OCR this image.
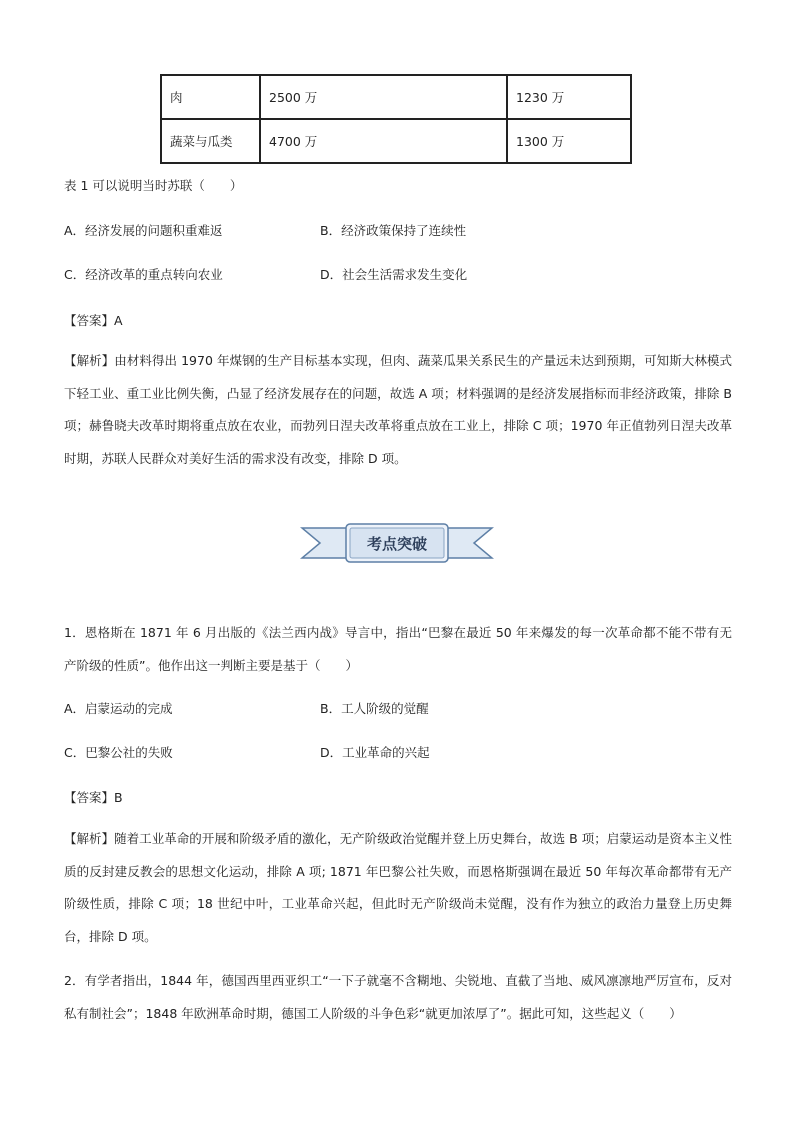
肉	2500 万	1230 万
蔬菜与瓜类	4700 万	1300 万
表 1 可以说明当时苏联（　　）
A．经济发展的问题积重难返	B．经济政策保持了连续性
C．经济改革的重点转向农业	D．社会生活需求发生变化
【答案】A
【解析】由材料得出 1970 年煤钢的生产目标基本实现，但肉、蔬菜瓜果关系民生的产量远未达到预期，可知斯大林模式下轻工业、重工业比例失衡，凸显了经济发展存在的问题，故选 A 项；材料强调的是经济发展指标而非经济政策，排除 B 项；赫鲁晓夫改革时期将重点放在农业，而勃列日涅夫改革将重点放在工业上，排除 C 项；1970 年正值勃列日涅夫改革时期，苏联人民群众对美好生活的需求没有改变，排除 D 项。
考点突破
1．恩格斯在 1871 年 6 月出版的《法兰西内战》导言中，指出“巴黎在最近 50 年来爆发的每一次革命都不能不带有无产阶级的性质”。他作出这一判断主要是基于（　　）
A．启蒙运动的完成	B．工人阶级的觉醒
C．巴黎公社的失败	D．工业革命的兴起
【答案】B
【解析】随着工业革命的开展和阶级矛盾的激化，无产阶级政治觉醒并登上历史舞台，故选 B 项；启蒙运动是资本主义性质的反封建反教会的思想文化运动，排除 A 项; 1871 年巴黎公社失败，而恩格斯强调在最近 50 年每次革命都带有无产阶级性质，排除 C 项；18 世纪中叶，工业革命兴起，但此时无产阶级尚未觉醒，没有作为独立的政治力量登上历史舞台，排除 D 项。
2．有学者指出，1844 年，德国西里西亚织工“一下子就毫不含糊地、尖锐地、直截了当地、威风凛凛地严厉宣布，反对私有制社会”；1848 年欧洲革命时期，德国工人阶级的斗争色彩“就更加浓厚了”。据此可知，这些起义（　　）
